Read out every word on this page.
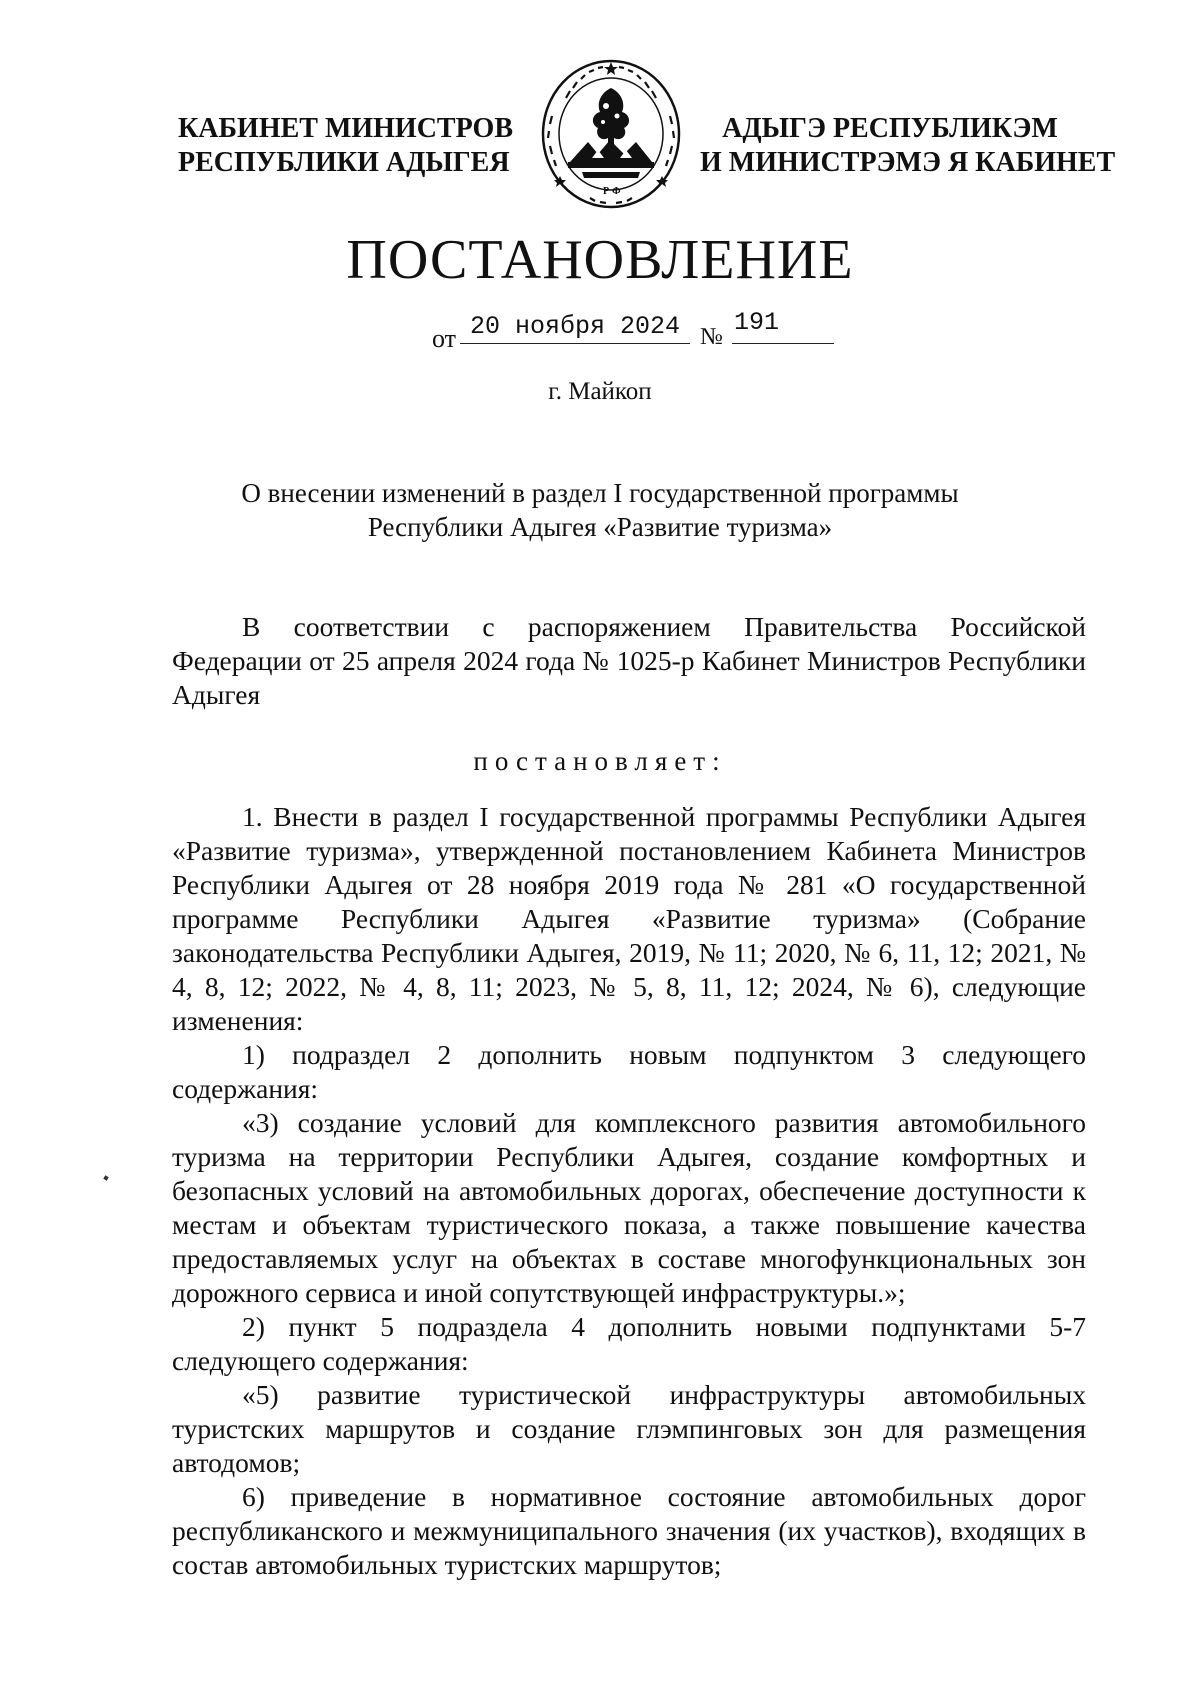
КАБИНЕТ МИНИСТРОВ
РЕСПУБЛИКИ АДЫГЕЯ
Р Ф
АДЫГЭ РЕСПУБЛИКЭМ
И МИНИСТРЭМЭ Я КАБИНЕТ
ПОСТАНОВЛЕНИЕ
от 20 ноября 2024 № 191
г. Майкоп
О внесении изменений в раздел I государственной программы
Республики Адыгея «Развитие туризма»

В соответствии с распоряжением Правительства Российской Федерации от 25 апреля 2024 года № 1025-р Кабинет Министров Республики Адыгея

постановляет:

1. Внести в раздел I государственной программы Республики Адыгея «Развитие туризма», утвержденной постановлением Кабинета Министров Республики Адыгея от 28 ноября 2019 года № 281 «О государственной программе Республики Адыгея «Развитие туризма» (Собрание законодательства Республики Адыгея, 2019, № 11; 2020, № 6, 11, 12; 2021, № 4, 8, 12; 2022, № 4, 8, 11; 2023, № 5, 8, 11, 12; 2024, № 6), следующие изменения:

1) подраздел 2 дополнить новым подпунктом 3 следующего содержания:

«3) создание условий для комплексного развития автомобильного туризма на территории Республики Адыгея, создание комфортных и безопасных условий на автомобильных дорогах, обеспечение доступности к местам и объектам туристического показа, а также повышение качества предоставляемых услуг на объектах в составе многофункциональных зон дорожного сервиса и иной сопутствующей инфраструктуры.»;

2) пункт 5 подраздела 4 дополнить новыми подпунктами 5-7 следующего содержания:

«5) развитие туристической инфраструктуры автомобильных туристских маршрутов и создание глэмпинговых зон для размещения автодомов;

6) приведение в нормативное состояние автомобильных дорог республиканского и межмуниципального значения (их участков), входящих в состав автомобильных туристских маршрутов;
